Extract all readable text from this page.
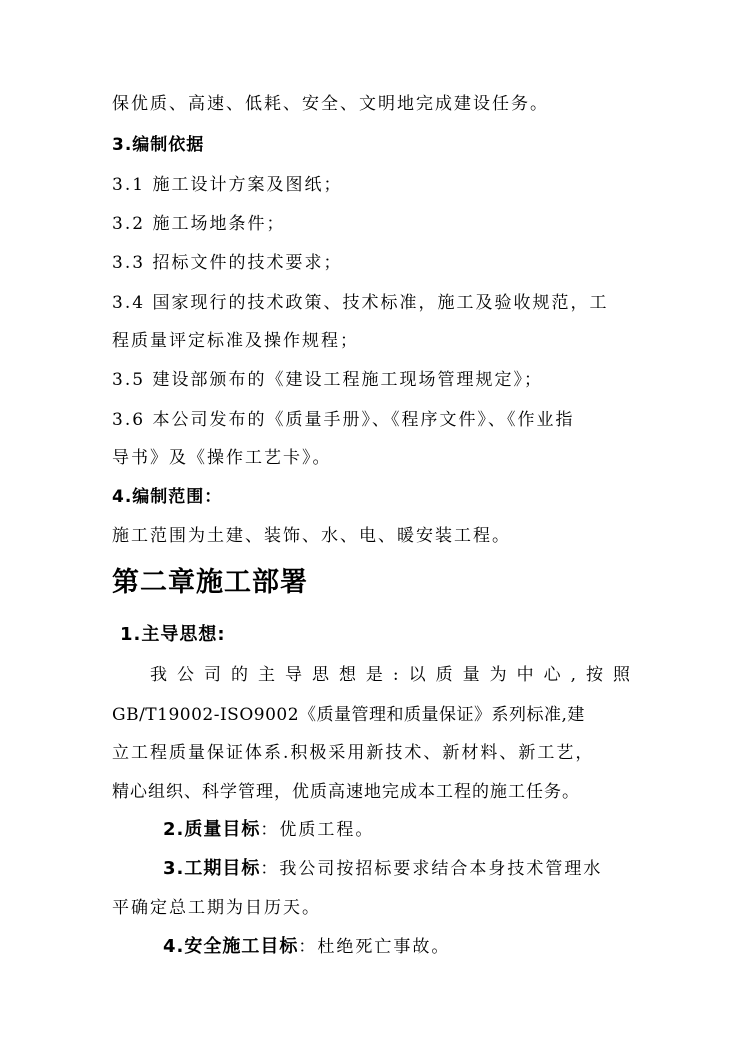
保优质、高速、低耗、安全、文明地完成建设任务。
3.编制依据
3.1 施工设计方案及图纸；
3.2 施工场地条件；
3.3 招标文件的技术要求；
3.4 国家现行的技术政策、技术标准，施工及验收规范，工
程质量评定标准及操作规程；
3.5 建设部颁布的《建设工程施工现场管理规定》；
3.6 本公司发布的《质量手册》、《程序文件》、《作业指
导书》及《操作工艺卡》。
4.编制范围：
施工范围为土建、装饰、水、电、暖安装工程。
第二章施工部署
1.主导思想:
我公司的主导思想是:以质量为中心,按照
GB/T19002-ISO9002《质量管理和质量保证》系列标准,建
立工程质量保证体系.积极采用新技术、新材料、新工艺，
精心组织、科学管理，优质高速地完成本工程的施工任务。
2.质量目标：优质工程。
3.工期目标：我公司按招标要求结合本身技术管理水
平确定总工期为日历天。
4.安全施工目标：杜绝死亡事故。
